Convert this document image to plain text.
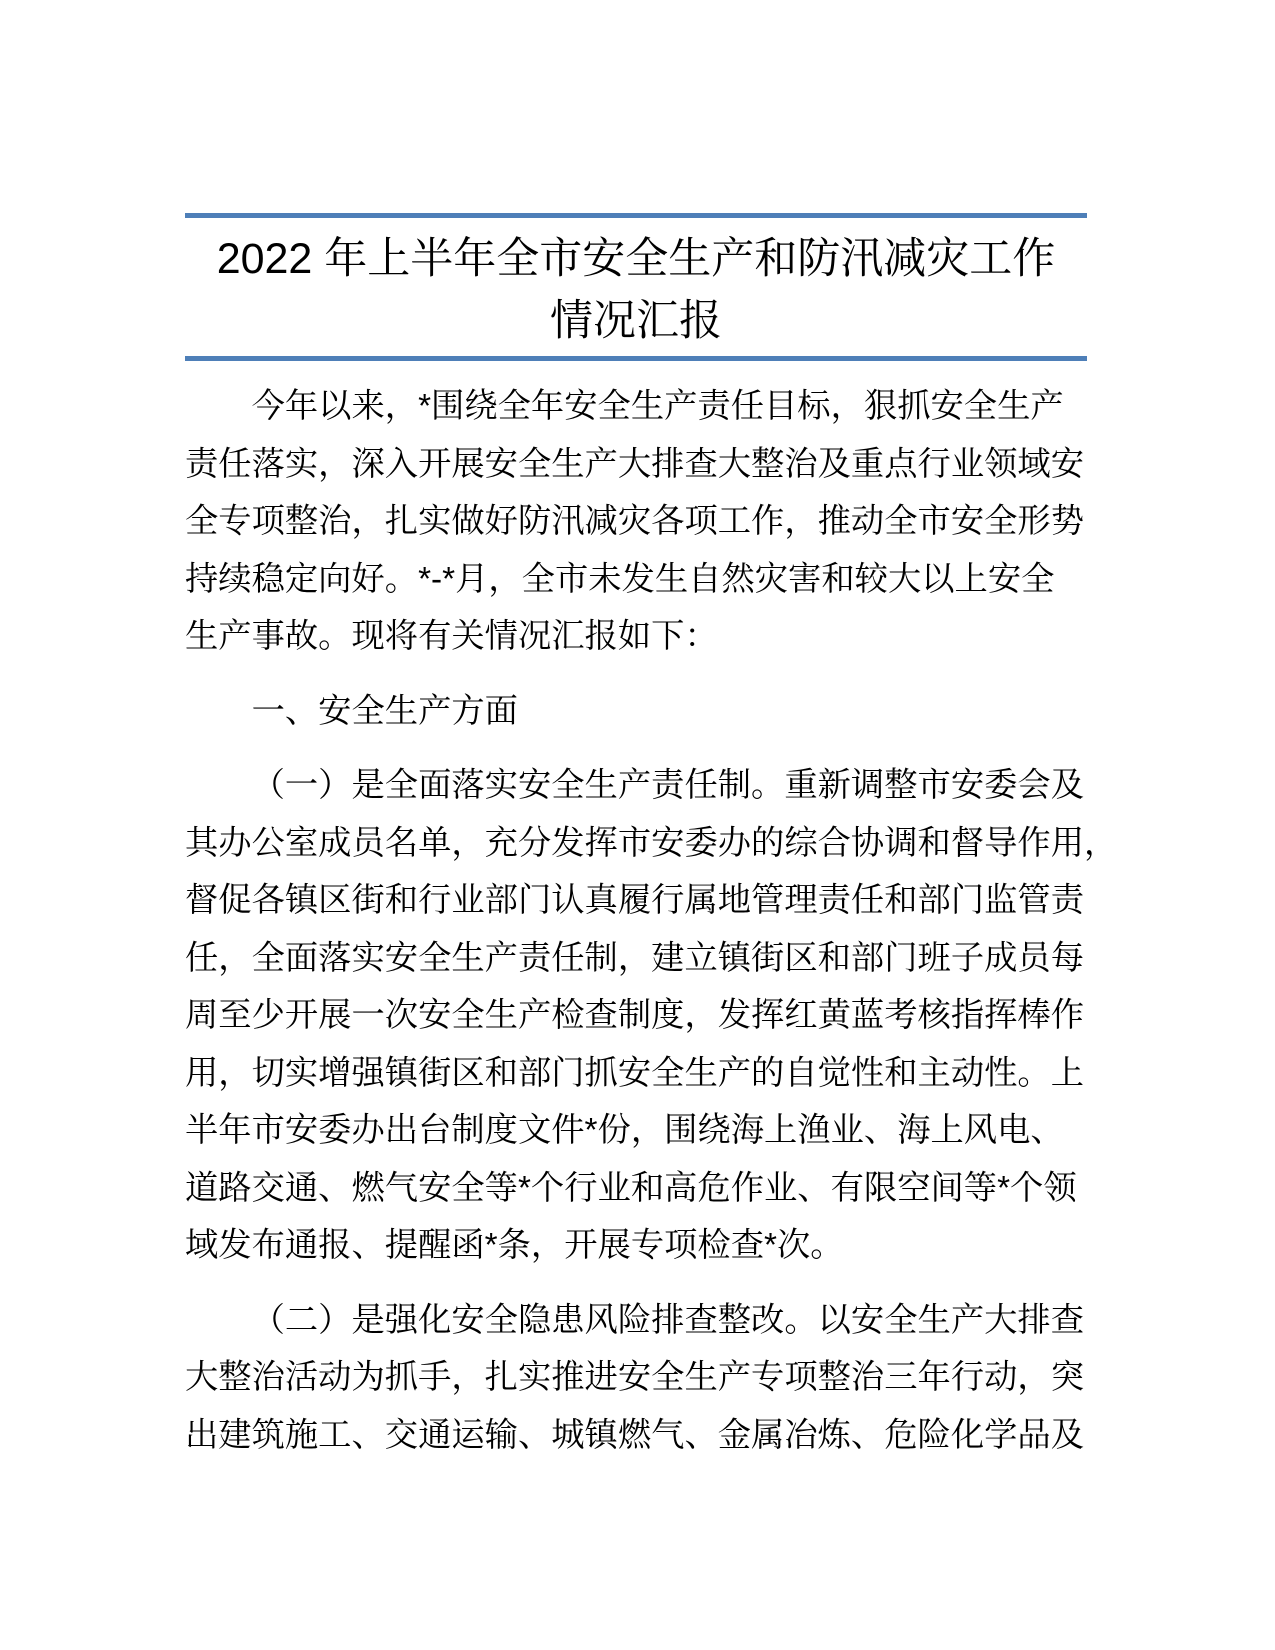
2022 年上半年全市安全生产和防汛减灾工作
情况汇报
今年以来，*围绕全年安全生产责任目标，狠抓安全生产
责任落实，深入开展安全生产大排查大整治及重点行业领域安
全专项整治，扎实做好防汛减灾各项工作，推动全市安全形势
持续稳定向好。*-*月，全市未发生自然灾害和较大以上安全
生产事故。现将有关情况汇报如下：
一、安全生产方面
（一）是全面落实安全生产责任制。重新调整市安委会及
其办公室成员名单，充分发挥市安委办的综合协调和督导作用，
督促各镇区街和行业部门认真履行属地管理责任和部门监管责
任，全面落实安全生产责任制，建立镇街区和部门班子成员每
周至少开展一次安全生产检查制度，发挥红黄蓝考核指挥棒作
用，切实增强镇街区和部门抓安全生产的自觉性和主动性。上
半年市安委办出台制度文件*份，围绕海上渔业、海上风电、
道路交通、燃气安全等*个行业和高危作业、有限空间等*个领
域发布通报、提醒函*条，开展专项检查*次。
（二）是强化安全隐患风险排查整改。以安全生产大排查
大整治活动为抓手，扎实推进安全生产专项整治三年行动，突
出建筑施工、交通运输、城镇燃气、金属冶炼、危险化学品及
